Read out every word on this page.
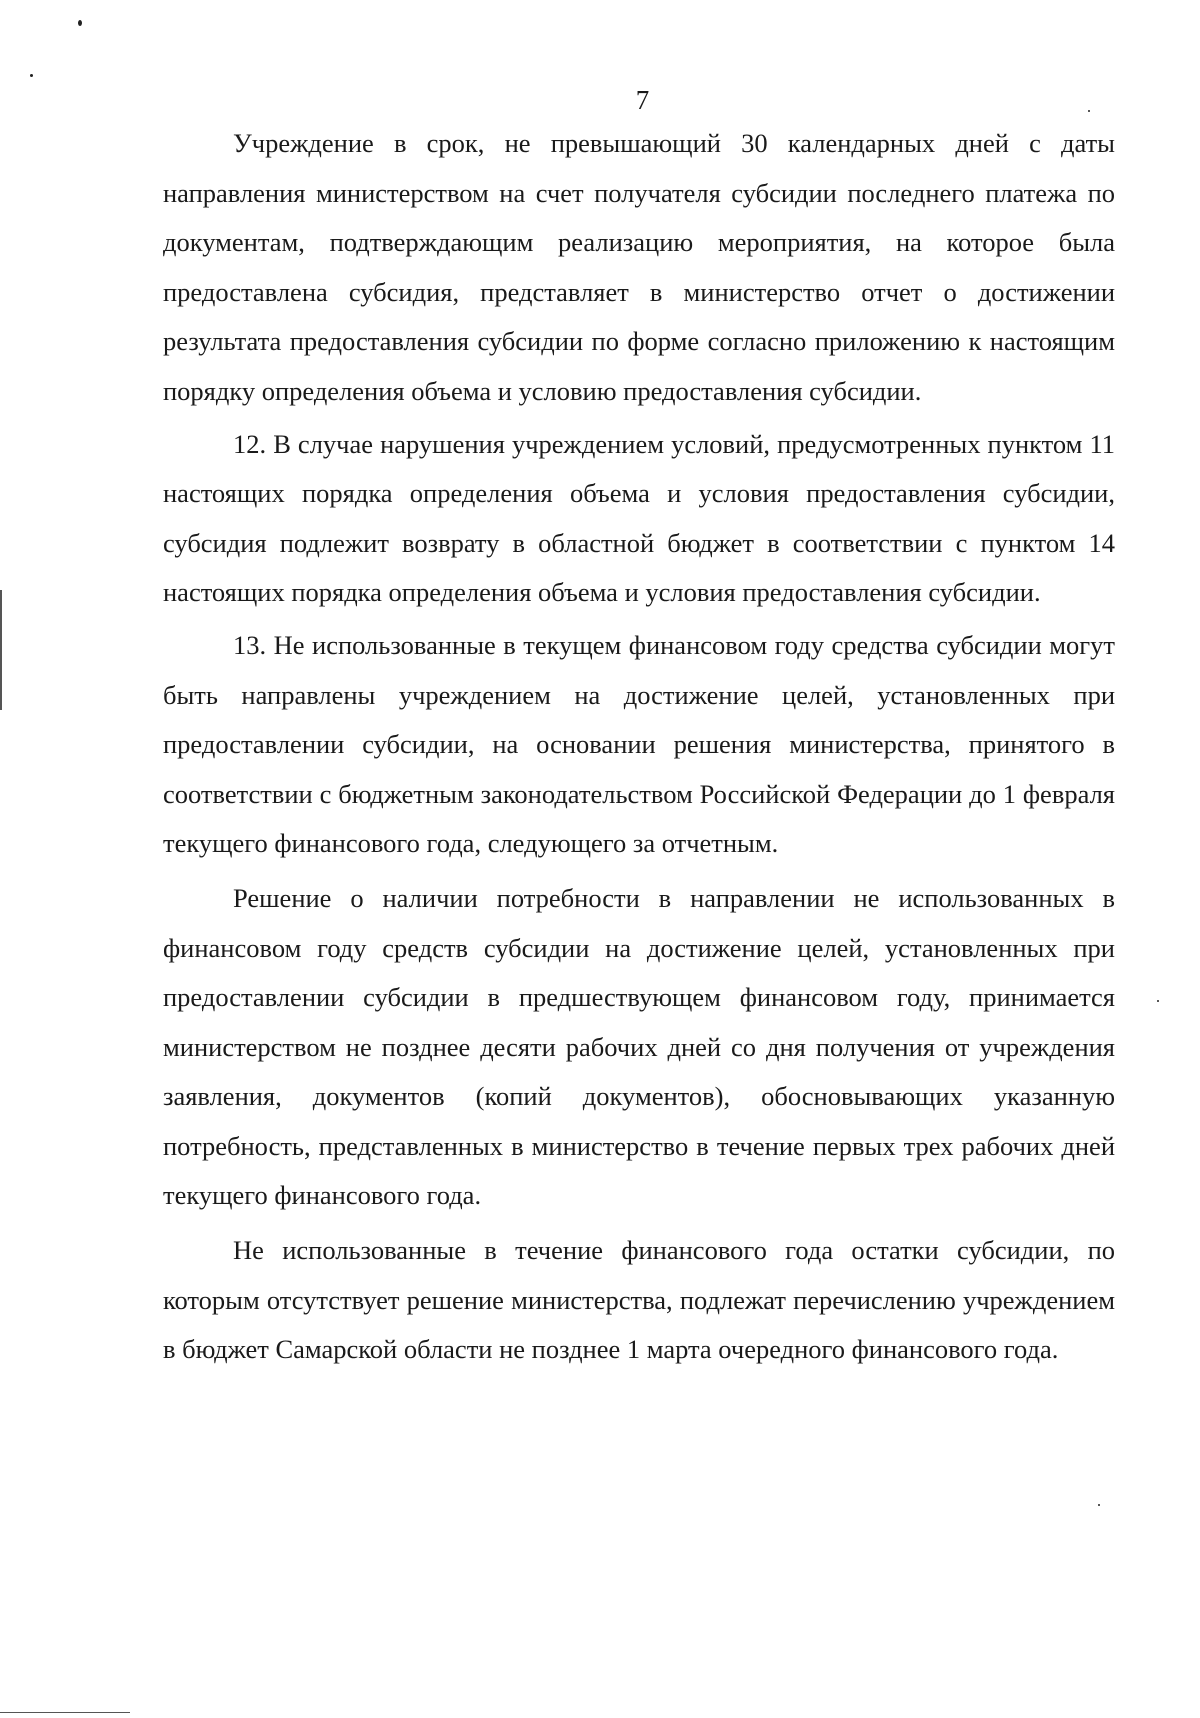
7

Учреждение в срок, не превышающий 30 календарных дней с даты направления министерством на счет получателя субсидии последнего платежа по документам, подтверждающим реализацию мероприятия, на которое была предоставлена субсидия, представляет в министерство отчет о достижении результата предоставления субсидии по форме согласно приложению к настоящим порядку определения объема и условию предоставления субсидии.

12. В случае нарушения учреждением условий, предусмотренных пунктом 11 настоящих порядка определения объема и условия предоставления субсидии, субсидия подлежит возврату в областной бюджет в соответствии с пунктом 14 настоящих порядка определения объема и условия предоставления субсидии.

13. Не использованные в текущем финансовом году средства субсидии могут быть направлены учреждением на достижение целей, установленных при предоставлении субсидии, на основании решения министерства, принятого в соответствии с бюджетным законодательством Российской Федерации до 1 февраля текущего финансового года, следующего за отчетным.

Решение о наличии потребности в направлении не использованных в финансовом году средств субсидии на достижение целей, установленных при предоставлении субсидии в предшествующем финансовом году, принимается министерством не позднее десяти рабочих дней со дня получения от учреждения заявления, документов (копий документов), обосновывающих указанную потребность, представленных в министерство в течение первых трех рабочих дней текущего финансового года.

Не использованные в течение финансового года остатки субсидии, по которым отсутствует решение министерства, подлежат перечислению учреждением в бюджет Самарской области не позднее 1 марта очередного финансового года.
